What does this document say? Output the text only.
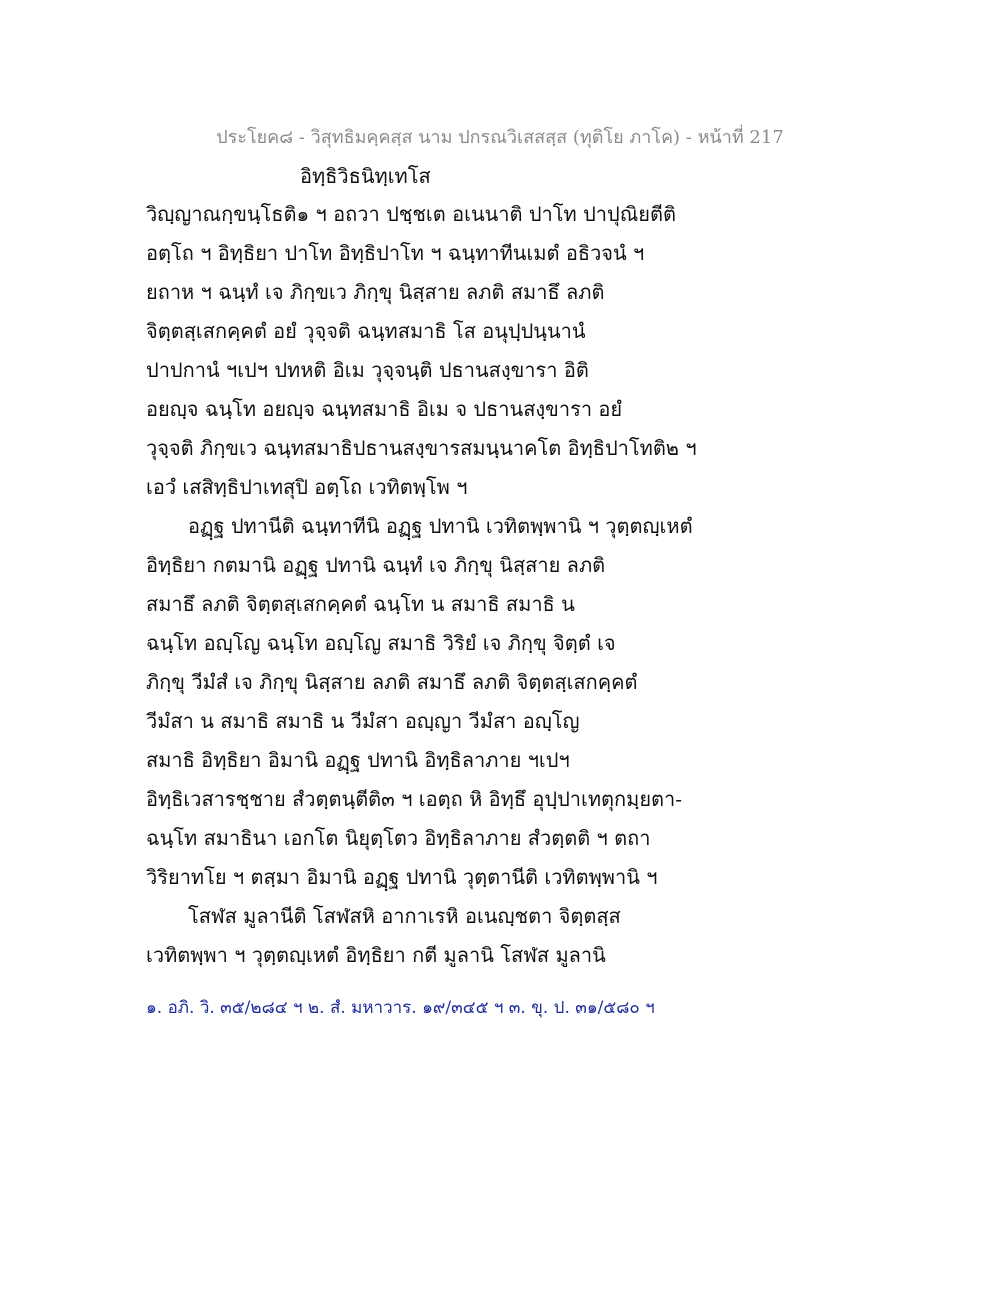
ประโยค๘ - วิสุทธิมคฺคสฺส นาม ปกรณวิเสสสฺส (ทุติโย ภาโค) - หน้าที่ 217
อิทฺธิวิธนิทฺเทโส
วิญฺญาณกฺขนฺโธติ๑ ฯ อถวา ปชฺชเต อเนนาติ ปาโท ปาปุณิยตีติ
อตฺโถ ฯ อิทฺธิยา ปาโท อิทฺธิปาโท ฯ ฉนฺทาทีนเมตํ อธิวจนํ ฯ
ยถาห ฯ ฉนฺทํ เจ ภิกฺขเว ภิกฺขุ นิสฺสาย ลภติ สมาธึ ลภติ
จิตฺตสฺเสกคฺคตํ อยํ วุจฺจติ ฉนฺทสมาธิ โส อนุปฺปนฺนานํ
ปาปกานํ ฯเปฯ ปทหติ อิเม วุจฺจนฺติ ปธานสงฺขารา อิติ
อยญฺจ ฉนฺโท อยญฺจ ฉนฺทสมาธิ อิเม จ ปธานสงฺขารา อยํ
วุจฺจติ ภิกฺขเว ฉนฺทสมาธิปธานสงฺขารสมนฺนาคโต อิทฺธิปาโทติ๒ ฯ
เอวํ เสสิทฺธิปาเทสุปิ อตฺโถ เวทิตพฺโพ ฯ
อฏฺฐ ปทานีติ ฉนฺทาทีนิ อฏฺฐ ปทานิ เวทิตพฺพานิ ฯ วุตฺตญฺเหตํ
อิทฺธิยา กตมานิ อฏฺฐ ปทานิ ฉนฺทํ เจ ภิกฺขุ นิสฺสาย ลภติ
สมาธึ ลภติ จิตฺตสฺเสกคฺคตํ ฉนฺโท น สมาธิ สมาธิ น
ฉนฺโท อญฺโญ ฉนฺโท อญฺโญ สมาธิ วิริยํ เจ ภิกฺขุ จิตฺตํ เจ
ภิกฺขุ วีมํสํ เจ ภิกฺขุ นิสฺสาย ลภติ สมาธึ ลภติ จิตฺตสฺเสกคฺคตํ
วีมํสา น สมาธิ สมาธิ น วีมํสา อญฺญา วีมํสา อญฺโญ
สมาธิ อิทฺธิยา อิมานิ อฏฺฐ ปทานิ อิทฺธิลาภาย ฯเปฯ
อิทฺธิเวสารชฺชาย สํวตฺตนฺตีติ๓ ฯ เอตฺถ หิ อิทฺธึ อุปฺปาเทตุกมฺยตา-
ฉนฺโท สมาธินา เอกโต นิยุตฺโตว อิทฺธิลาภาย สํวตฺตติ ฯ ตถา
วิริยาทโย ฯ ตสฺมา อิมานิ อฏฺฐ ปทานิ วุตฺตานีติ เวทิตพฺพานิ ฯ
โสฬส มูลานีติ โสฬสหิ อากาเรหิ อเนญฺชตา จิตฺตสฺส
เวทิตพฺพา ฯ วุตฺตญฺเหตํ อิทฺธิยา กตี มูลานิ โสฬส มูลานิ
๑. อภิ. วิ. ๓๕/๒๘๔ ฯ ๒. สํ. มหาวาร. ๑๙/๓๔๕ ฯ ๓. ขุ. ป. ๓๑/๕๘๐ ฯ
